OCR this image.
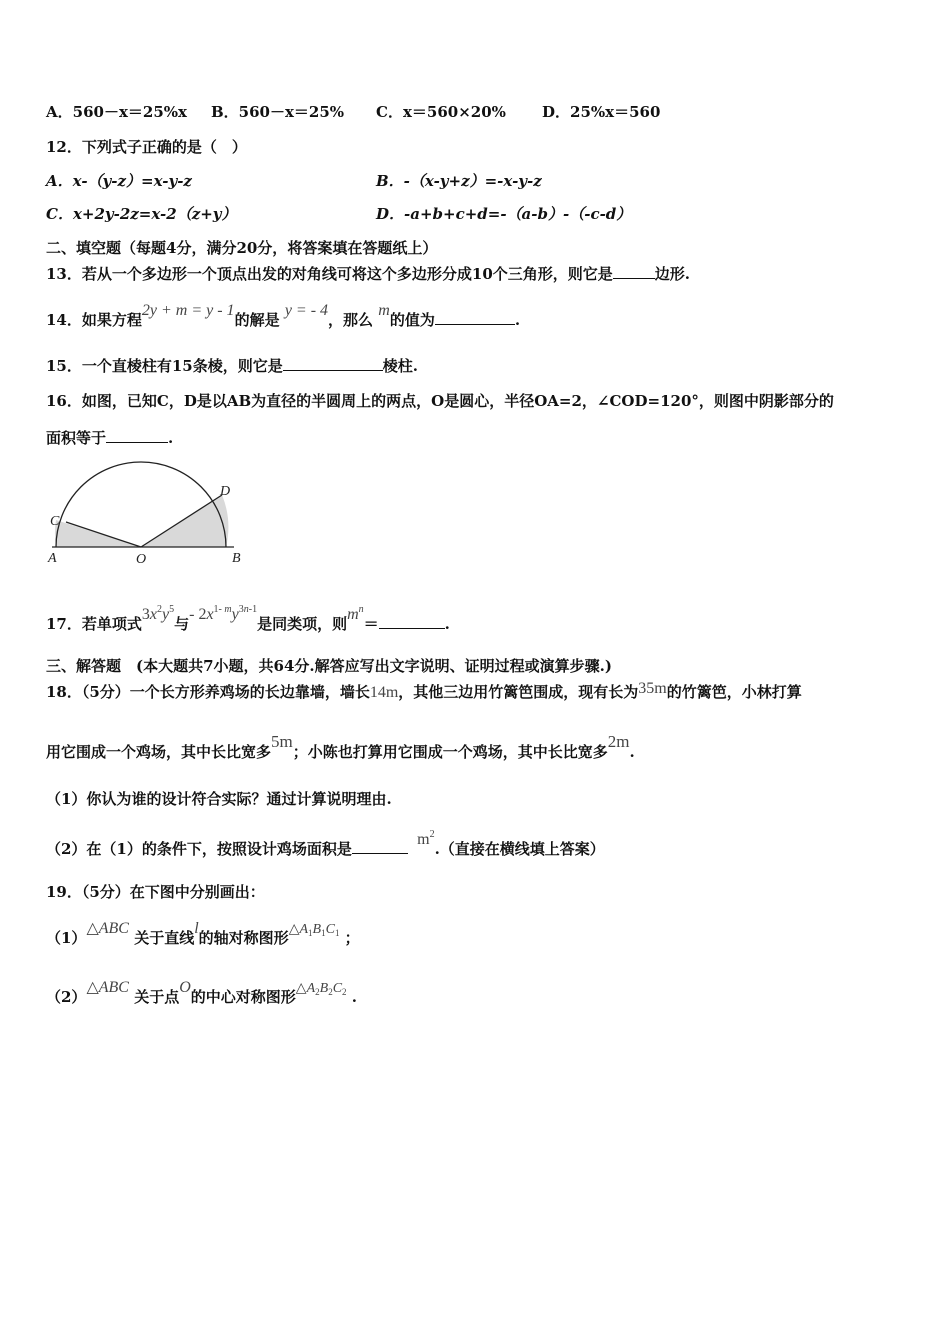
A．560－x＝25%x B．560－x＝25% C．x＝560×20% D．25%x＝560
12．下列式子正确的是（　）
A．x-（y-z）=x-y-z	B．-（x-y+z）=-x-y-z
C．x+2y-2z=x-2（z+y）	D．-a+b+c+d=-（a-b）-（-c-d）
二、填空题（每题4分，满分20分，将答案填在答题纸上）
13．若从一个多边形一个顶点出发的对角线可将这个多边形分成10个三角形，则它是	边形.
14．如果方程2y + m = y - 1的解是 y = - 4，那么 m的值为	.
15．一个直棱柱有15条棱，则它是	棱柱.
16．如图，已知C，D是以AB为直径的半圆周上的两点，O是圆心，半径OA=2，∠COD=120°，则图中阴影部分的
面积等于	.
A	O	B
C
D
17．若单项式$3x^2y^5$与- $2x^{1- m}y^{3n-1}$是同类项，则$m^n=$	.
三、解答题　(本大题共7小题，共64分.解答应写出文字说明、证明过程或演算步骤.)
18．（5分）一个长方形养鸡场的长边靠墙，墙长14m，其他三边用竹篱笆围成，现有长为35m的竹篱笆，小林打算
用它围成一个鸡场，其中长比宽多5m；小陈也打算用它围成一个鸡场，其中长比宽多2m.
（1）你认为谁的设计符合实际？通过计算说明理由.
（2）在（1）的条件下，按照设计鸡场面积是 $m^2$.（直接在横线填上答案）
19．（5分）在下图中分别画出：
（1）△ABC 关于直线l的轴对称图形$\triangle A_1B_1C_1$ ；
（2）△ABC 关于点O的中心对称图形$\triangle A_2B_2C_2$ .
